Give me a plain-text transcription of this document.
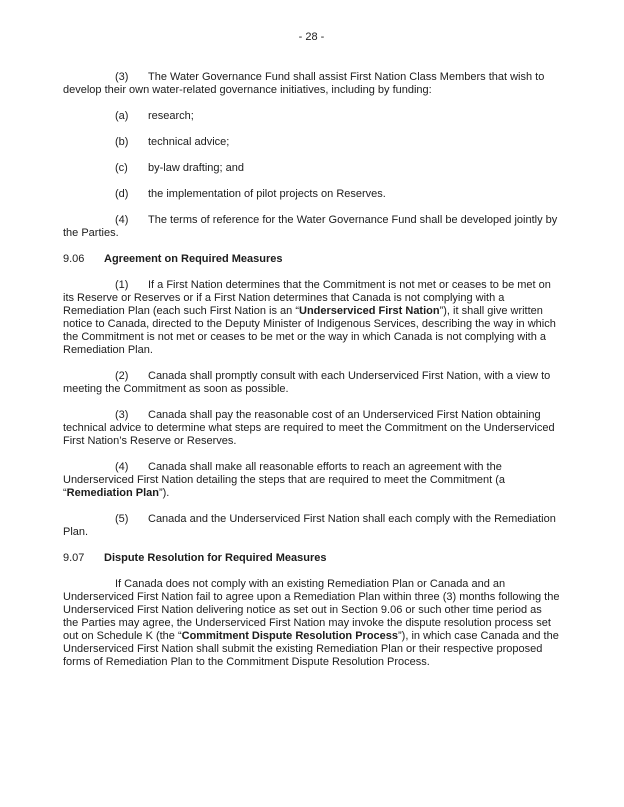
- 28 -

(3) The Water Governance Fund shall assist First Nation Class Members that wish to develop their own water-related governance initiatives, including by funding:

(a) research;

(b) technical advice;

(c) by-law drafting; and

(d) the implementation of pilot projects on Reserves.

(4) The terms of reference for the Water Governance Fund shall be developed jointly by the Parties.

9.06 Agreement on Required Measures

(1) If a First Nation determines that the Commitment is not met or ceases to be met on its Reserve or Reserves or if a First Nation determines that Canada is not complying with a Remediation Plan (each such First Nation is an “Underserviced First Nation”), it shall give written notice to Canada, directed to the Deputy Minister of Indigenous Services, describing the way in which the Commitment is not met or ceases to be met or the way in which Canada is not complying with a Remediation Plan.

(2) Canada shall promptly consult with each Underserviced First Nation, with a view to meeting the Commitment as soon as possible.

(3) Canada shall pay the reasonable cost of an Underserviced First Nation obtaining technical advice to determine what steps are required to meet the Commitment on the Underserviced First Nation’s Reserve or Reserves.

(4) Canada shall make all reasonable efforts to reach an agreement with the Underserviced First Nation detailing the steps that are required to meet the Commitment (a “Remediation Plan”).

(5) Canada and the Underserviced First Nation shall each comply with the Remediation Plan.

9.07 Dispute Resolution for Required Measures

If Canada does not comply with an existing Remediation Plan or Canada and an Underserviced First Nation fail to agree upon a Remediation Plan within three (3) months following the Underserviced First Nation delivering notice as set out in Section 9.06 or such other time period as the Parties may agree, the Underserviced First Nation may invoke the dispute resolution process set out on Schedule K (the “Commitment Dispute Resolution Process”), in which case Canada and the Underserviced First Nation shall submit the existing Remediation Plan or their respective proposed forms of Remediation Plan to the Commitment Dispute Resolution Process.
